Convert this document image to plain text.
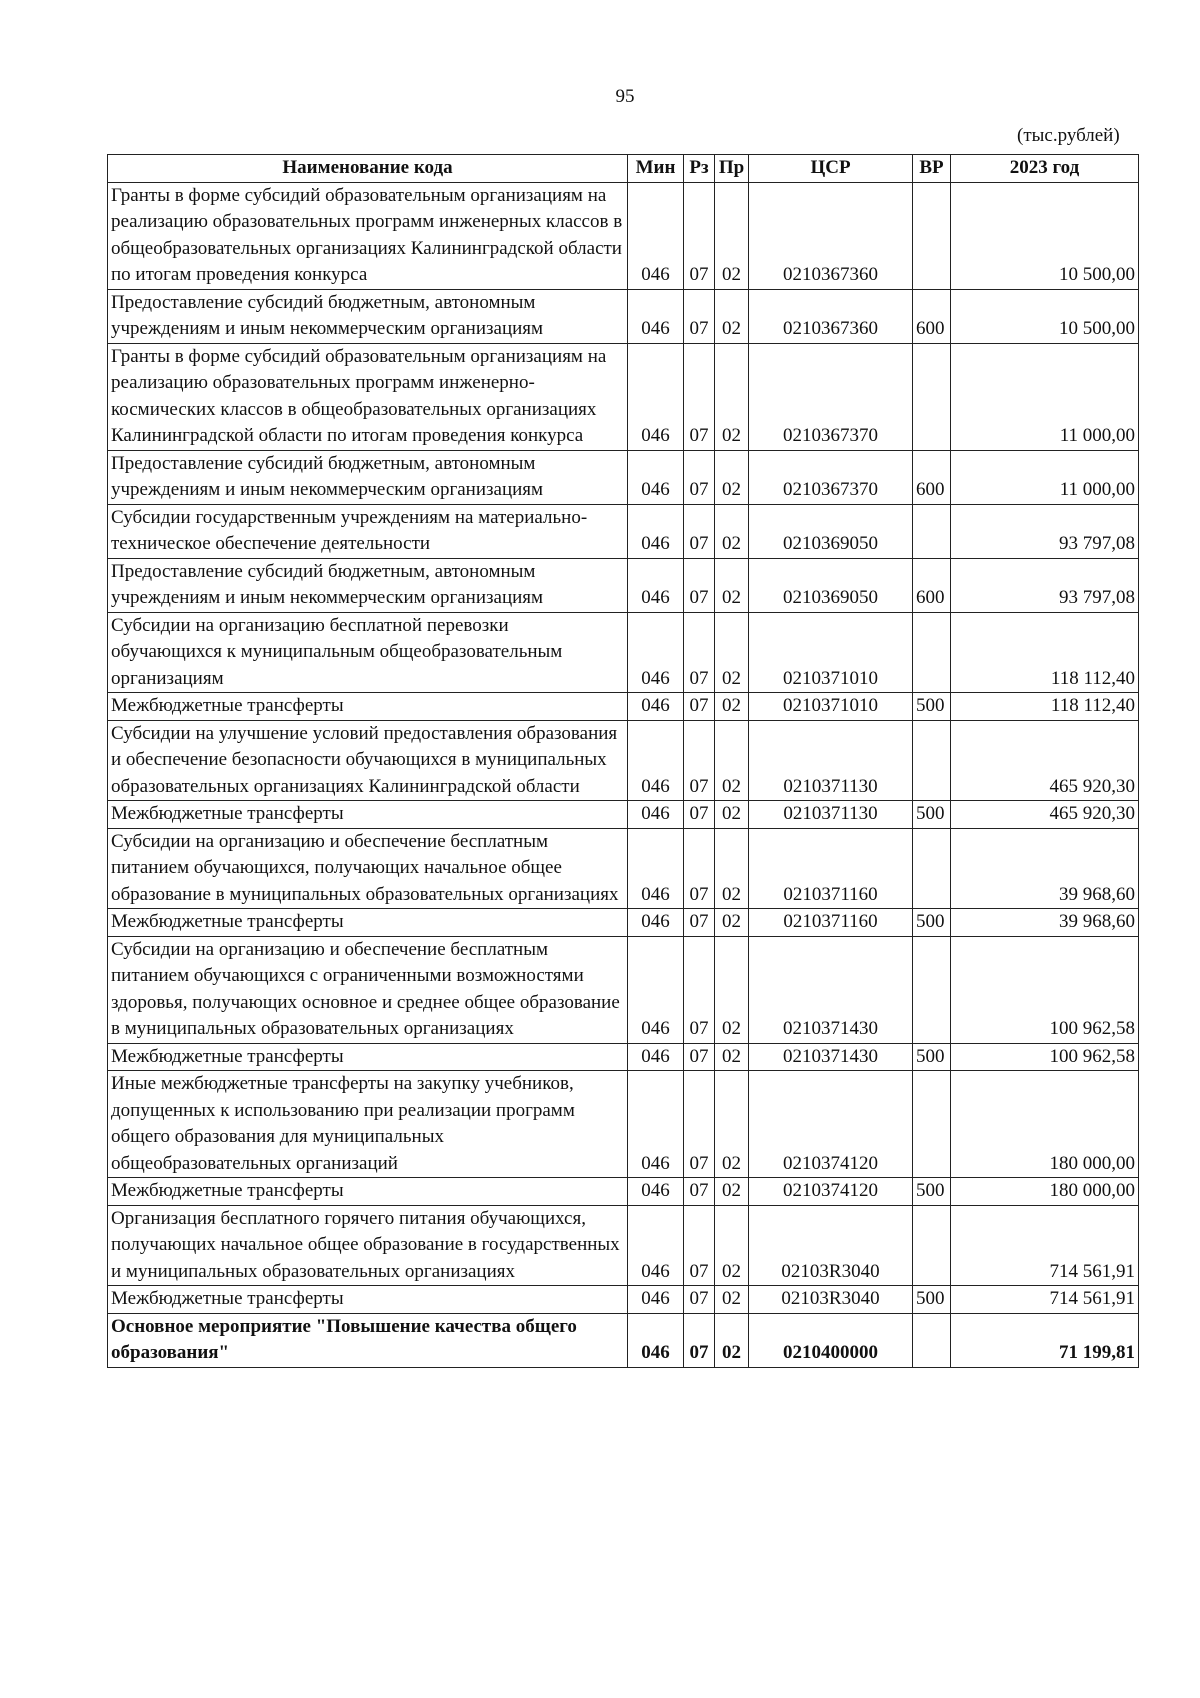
95
(тыс.рублей)
Наименование кода	Мин	Рз	Пр	ЦСР	ВР	2023 год
Гранты в форме субсидий образовательным организациям на реализацию образовательных программ инженерных классов в общеобразовательных организациях Калининградской области по итогам проведения конкурса	046	07	02	0210367360		10 500,00
Предоставление субсидий бюджетным, автономным учреждениям и иным некоммерческим организациям	046	07	02	0210367360	600	10 500,00
Гранты в форме субсидий образовательным организациям на реализацию образовательных программ инженерно-космических классов в общеобразовательных организациях Калининградской области по итогам проведения конкурса	046	07	02	0210367370		11 000,00
Предоставление субсидий бюджетным, автономным учреждениям и иным некоммерческим организациям	046	07	02	0210367370	600	11 000,00
Субсидии государственным учреждениям на материально-техническое обеспечение деятельности	046	07	02	0210369050		93 797,08
Предоставление субсидий бюджетным, автономным учреждениям и иным некоммерческим организациям	046	07	02	0210369050	600	93 797,08
Субсидии на организацию бесплатной перевозки обучающихся к муниципальным общеобразовательным организациям	046	07	02	0210371010		118 112,40
Межбюджетные трансферты	046	07	02	0210371010	500	118 112,40
Субсидии на улучшение условий предоставления образования и обеспечение безопасности обучающихся в муниципальных образовательных организациях Калининградской области	046	07	02	0210371130		465 920,30
Межбюджетные трансферты	046	07	02	0210371130	500	465 920,30
Субсидии на организацию и обеспечение бесплатным питанием обучающихся, получающих начальное общее образование в муниципальных образовательных организациях	046	07	02	0210371160		39 968,60
Межбюджетные трансферты	046	07	02	0210371160	500	39 968,60
Субсидии на организацию и обеспечение бесплатным питанием обучающихся с ограниченными возможностями здоровья, получающих основное и среднее общее образование в муниципальных образовательных организациях	046	07	02	0210371430		100 962,58
Межбюджетные трансферты	046	07	02	0210371430	500	100 962,58
Иные межбюджетные трансферты на закупку учебников, допущенных к использованию при реализации программ общего образования для муниципальных общеобразовательных организаций	046	07	02	0210374120		180 000,00
Межбюджетные трансферты	046	07	02	0210374120	500	180 000,00
Организация бесплатного горячего питания обучающихся, получающих начальное общее образование в государственных и муниципальных образовательных организациях	046	07	02	02103R3040		714 561,91
Межбюджетные трансферты	046	07	02	02103R3040	500	714 561,91
Основное мероприятие "Повышение качества общего образования"	046	07	02	0210400000		71 199,81
